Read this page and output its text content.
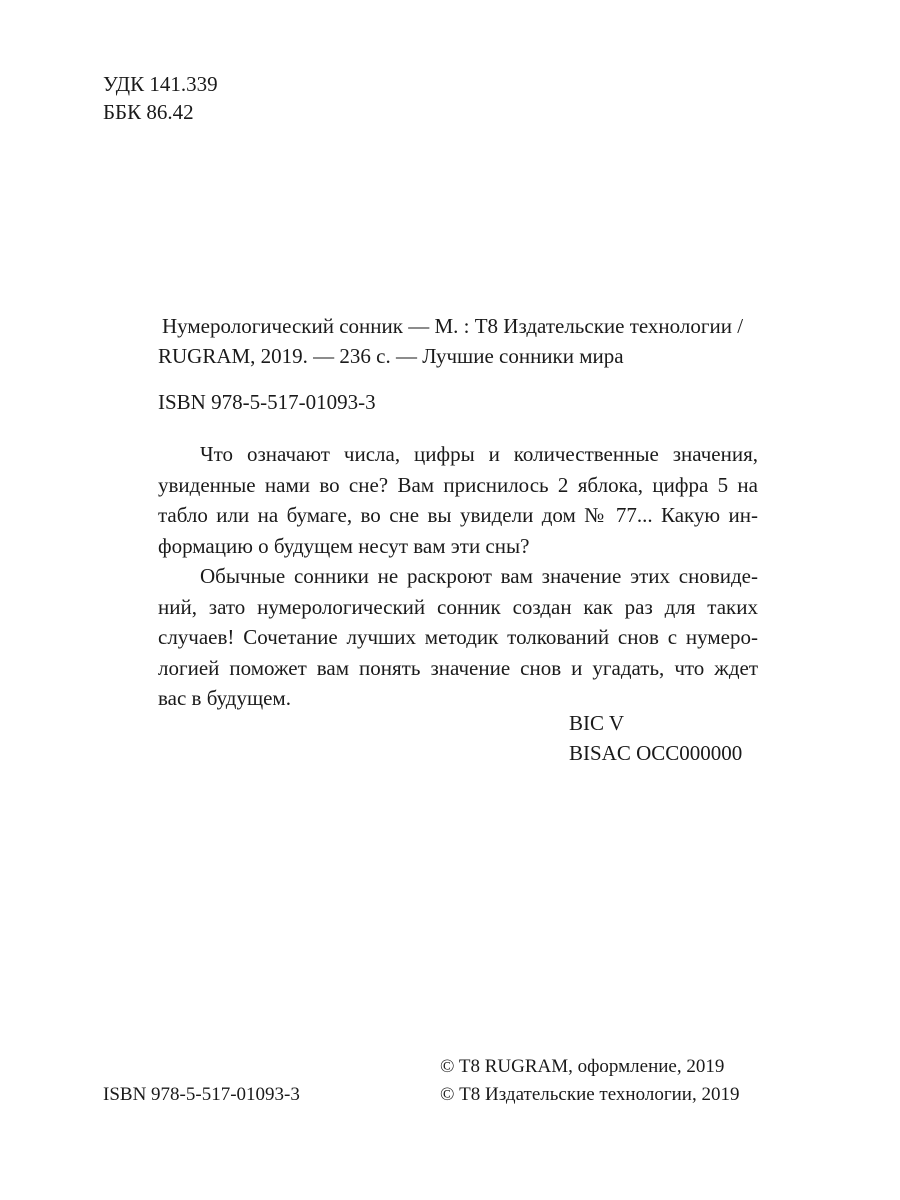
УДК 141.339
ББК 86.42
Нумерологический сонник — М. : Т8 Издательские технологии /
RUGRAM, 2019. — 236 с. — Лучшие сонники мира
ISBN 978-5-517-01093-3
Что означают числа, цифры и количественные значения,
увиденные нами во сне? Вам приснилось 2 яблока, цифра 5 на
табло или на бумаге, во сне вы увидели дом № 77... Какую ин-
формацию о будущем несут вам эти сны?
Обычные сонники не раскроют вам значение этих сновиде-
ний, зато нумерологический сонник создан как раз для таких
случаев! Сочетание лучших методик толкований снов с нумеро-
логией поможет вам понять значение снов и угадать, что ждет
вас в будущем.
BIC V
BISAC OCC000000
© T8 RUGRAM, оформление, 2019
© Т8 Издательские технологии, 2019
ISBN 978-5-517-01093-3
